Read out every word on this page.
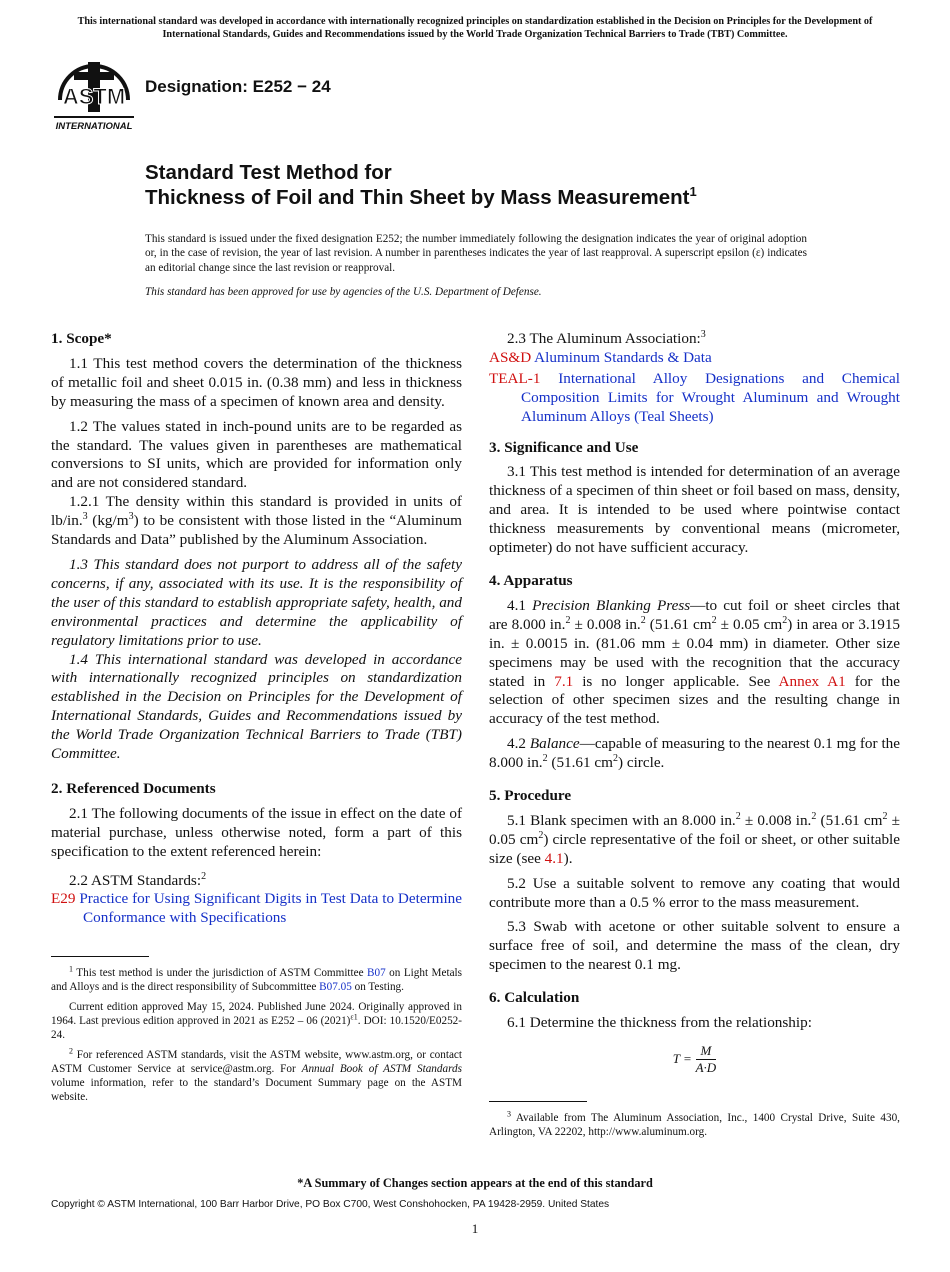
This international standard was developed in accordance with internationally recognized principles on standardization established in the Decision on Principles for the Development of International Standards, Guides and Recommendations issued by the World Trade Organization Technical Barriers to Trade (TBT) Committee.
ASTM
INTERNATIONAL
Designation: E252 − 24
Standard Test Method for
Thickness of Foil and Thin Sheet by Mass Measurement$^1$
This standard is issued under the fixed designation E252; the number immediately following the designation indicates the year of original adoption or, in the case of revision, the year of last revision. A number in parentheses indicates the year of last reapproval. A superscript epsilon (ε) indicates an editorial change since the last revision or reapproval.
This standard has been approved for use by agencies of the U.S. Department of Defense.
1. Scope*

1.1 This test method covers the determination of the thickness of metallic foil and sheet 0.015 in. (0.38 mm) and less in thickness by measuring the mass of a specimen of known area and density.

1.2 The values stated in inch-pound units are to be regarded as the standard. The values given in parentheses are mathematical conversions to SI units, which are provided for information only and are not considered standard.

1.2.1 The density within this standard is provided in units of lb/in.$^3$ $(kg/m^3)$ to be consistent with those listed in the “Aluminum Standards and Data” published by the Aluminum Association.

1.3 This standard does not purport to address all of the safety concerns, if any, associated with its use. It is the responsibility of the user of this standard to establish appropriate safety, health, and environmental practices and determine the applicability of regulatory limitations prior to use.

1.4 This international standard was developed in accordance with internationally recognized principles on standardization established in the Decision on Principles for the Development of International Standards, Guides and Recommendations issued by the World Trade Organization Technical Barriers to Trade (TBT) Committee.

2. Referenced Documents

2.1 The following documents of the issue in effect on the date of material purchase, unless otherwise noted, form a part of this specification to the extent referenced herein:

2.2 ASTM Standards:$^2$

E29 Practice for Using Significant Digits in Test Data to Determine Conformance with Specifications

$^1$ This test method is under the jurisdiction of ASTM Committee B07 on Light Metals and Alloys and is the direct responsibility of Subcommittee B07.05 on Testing.

Current edition approved May 15, 2024. Published June 2024. Originally approved in 1964. Last previous edition approved in 2021 as E252 – 06 $(2021)^{\varepsilon 1}$. DOI: 10.1520/E0252-24.

$^2$ For referenced ASTM standards, visit the ASTM website, www.astm.org, or contact ASTM Customer Service at service@astm.org. For Annual Book of ASTM Standards volume information, refer to the standard’s Document Summary page on the ASTM website.

2.3 The Aluminum Association:$^3$

AS&D Aluminum Standards & Data
TEAL-1 International Alloy Designations and Chemical Composition Limits for Wrought Aluminum and Wrought Aluminum Alloys (Teal Sheets)
3. Significance and Use

3.1 This test method is intended for determination of an average thickness of a specimen of thin sheet or foil based on mass, density, and area. It is intended to be used where pointwise contact thickness measurements by conventional means (micrometer, optimeter) do not have sufficient accuracy.

4. Apparatus

4.1 Precision Blanking Press—to cut foil or sheet circles that are 8.000 in.$^2$ ± 0.008 in.$^2$ (51.61 $cm^2 \pm 0.05$ $cm^2$) in area or 3.1915 in. ± 0.0015 in. (81.06 mm ± 0.04 mm) in diameter. Other size specimens may be used with the recognition that the accuracy stated in 7.1 is no longer applicable. See Annex A1 for the selection of other specimen sizes and the resulting change in accuracy of the test method.

4.2 Balance—capable of measuring to the nearest 0.1 mg for the 8.000 in.$^2$ (51.61 $cm^2$) circle.

5. Procedure

5.1 Blank specimen with an 8.000 in.$^2$ ± 0.008 in.$^2$ (51.61 $cm^2 \pm 0.05$ $cm^2$) circle representative of the foil or sheet, or other suitable size (see 4.1).

5.2 Use a suitable solvent to remove any coating that would contribute more than a 0.5 % error to the mass measurement.

5.3 Swab with acetone or other suitable solvent to ensure a surface free of soil, and determine the mass of the clean, dry specimen to the nearest 0.1 mg.

6. Calculation

6.1 Determine the thickness from the relationship:

$T = \frac{M}{A\cdot D}$

$^3$ Available from The Aluminum Association, Inc., 1400 Crystal Drive, Suite 430, Arlington, VA 22202, http://www.aluminum.org.

*A Summary of Changes section appears at the end of this standard
Copyright © ASTM International, 100 Barr Harbor Drive, PO Box C700, West Conshohocken, PA 19428-2959. United States
1
